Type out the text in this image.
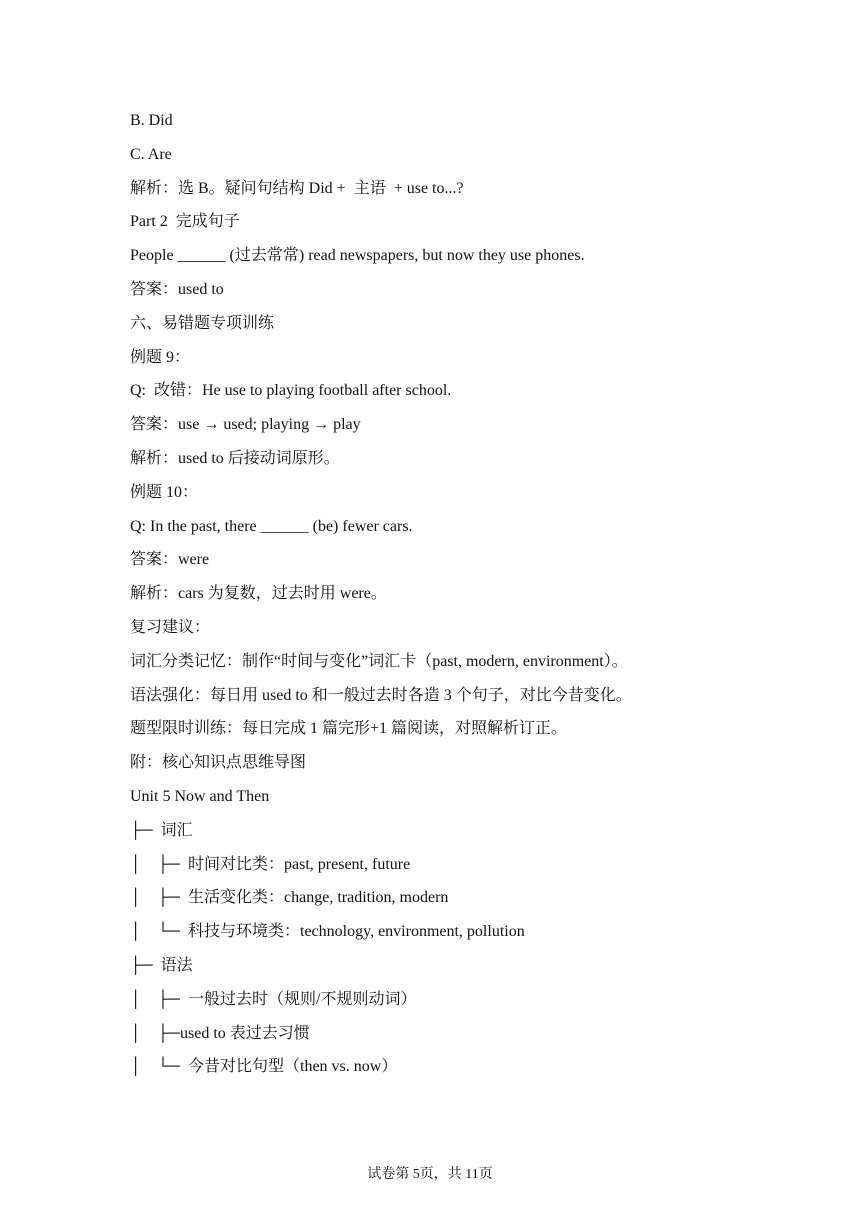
B. Did
C. Are
解析：选 B。疑问句结构 Did +  主语  + use to...?
Part 2  完成句子
People ______ (过去常常) read newspapers, but now they use phones.
答案：used to
六、易错题专项训练
例题 9：
Q:  改错：He use to playing football after school.
答案：use → used; playing → play
解析：used to 后接动词原形。
例题 10：
Q: In the past, there ______ (be) fewer cars.
答案：were
解析：cars 为复数，过去时用 were。
复习建议：
词汇分类记忆：制作“时间与变化”词汇卡（past, modern, environment）。
语法强化：每日用 used to 和一般过去时各造 3 个句子，对比今昔变化。
题型限时训练：每日完成 1 篇完形+1 篇阅读，对照解析订正。
附：核心知识点思维导图
Unit 5 Now and Then
├─  词汇
│    ├─  时间对比类：past, present, future
│    ├─  生活变化类：change, tradition, modern
│    └─  科技与环境类：technology, environment, pollution
├─  语法
│    ├─  一般过去时（规则/不规则动词）
│    ├─used to 表过去习惯
│    └─  今昔对比句型（then vs. now）
试卷第 5页，共 11页
